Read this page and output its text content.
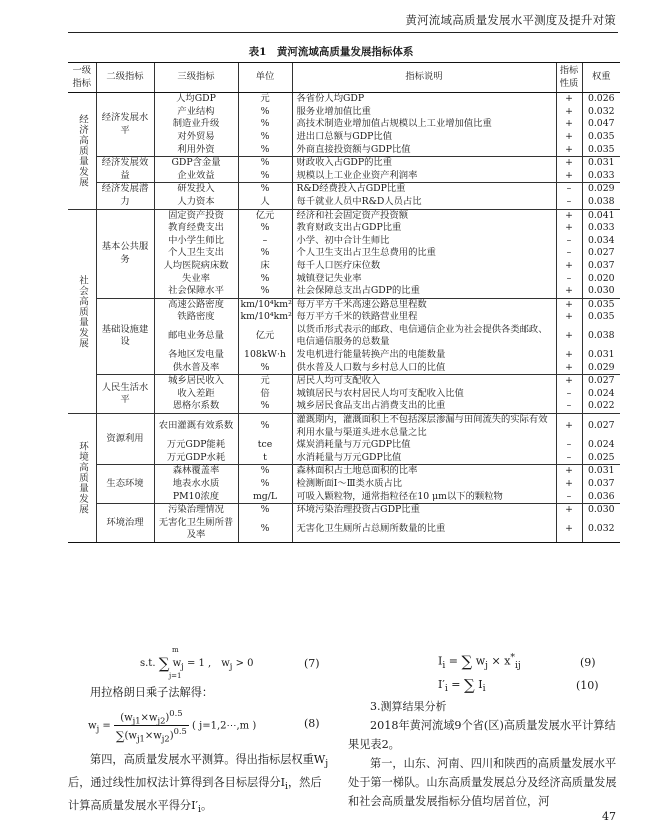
黄河流域高质量发展水平测度及提升对策
表1　黄河流域高质量发展指标体系
一级指标	二级指标	三级指标	单位	指标说明	指标性质	权重

经济高质量发展	经济发展水平	人均GDP	元	各省份人均GDP	+	0.026
		产业结构	%	服务业增加值比重	+	0.032
		制造业升级	%	高技术制造业增加值占规模以上工业增加值比重	+	0.047
		对外贸易	%	进出口总额与GDP比值	+	0.035
		利用外资	%	外商直接投资额与GDP比值	+	0.035
	经济发展效益	GDP含金量	%	财政收入占GDP的比重	+	0.031
		企业效益	%	规模以上工业企业资产利润率	+	0.033
	经济发展潜力	研发投入	%	R&D经费投入占GDP比重	–	0.029
		人力资本	人	每千就业人员中R&D人员占比	–	0.038

社会高质量发展	基本公共服务	固定资产投资	亿元	经济和社会固定资产投资额	+	0.041
		教育经费支出	%	教育财政支出占GDP比重	+	0.033
		中小学生师比	–	小学、初中合计生师比	–	0.034
		个人卫生支出	%	个人卫生支出占卫生总费用的比重	–	0.027
		人均医院病床数	床	每千人口医疗床位数	+	0.037
		失业率	%	城镇登记失业率	–	0.020
		社会保障水平	%	社会保障总支出占GDP的比重	+	0.030
	基础设施建设	高速公路密度	km/10⁴km²	每万平方千米高速公路总里程数	+	0.035
		铁路密度	km/10⁴km²	每万平方千米的铁路营业里程	+	0.035
		邮电业务总量	亿元	以货币形式表示的邮政、电信通信企业为社会提供各类邮政、电信通信服务的总数量	+	0.038
		各地区发电量	108kW·h	发电机进行能量转换产出的电能数量	+	0.031
		供水普及率	%	供水普及人口数与乡村总人口的比值	+	0.029
	人民生活水平	城乡居民收入	元	居民人均可支配收入	+	0.027
		收入差距	倍	城镇居民与农村居民人均可支配收入比值	–	0.024
		恩格尔系数	%	城乡居民食品支出占消费支出的比重	–	0.022

环境高质量发展	资源利用	农田灌溉有效系数	%	灌溉期内，灌溉面积上不包括深层渗漏与田间流失的实际有效利用水量与渠道头进水总量之比	+	0.027
		万元GDP能耗	tce	煤炭消耗量与万元GDP比值	–	0.024
		万元GDP水耗	t	水消耗量与万元GDP比值	–	0.025
	生态环境	森林覆盖率	%	森林面积占土地总面积的比率	+	0.031
		地表水水质	%	检测断面Ⅰ～Ⅲ类水质占比	+	0.037
		PM10浓度	mg/L	可吸入颗粒物，通常指粒径在10 μm以下的颗粒物	–	0.036
	环境治理	污染治理情况	%	环境污染治理投资占GDP比重	+	0.030
		无害化卫生厕所普及率	%	无害化卫生厕所占总厕所数量的比重	+	0.032
s.t. ∑ $w_j = 1$ ,　$w_j > 0$
m
j=1
(7)
用拉格朗日乘子法解得：
$w_j = \frac{(w_{j1}\times w_{j2})^{0.5}}{\sum(w_{j1}\times w_{j2})^{0.5}}$ ( j=1,2⋯,m )	(8)
第四，高质量发展水平测算。得出指标层权重$W_j$后，通过线性加权法计算得到各目标层得分$I_i$，然后计算高质量发展水平得分$I'_i$。
$I_i$ = ∑ $w_j \times x^*_{ij}$	(9)
$I'_i$ = ∑ $I_i$	(10)
3.测算结果分析
2018年黄河流域9个省(区)高质量发展水平计算结果见表2。
第一，山东、河南、四川和陕西的高质量发展水平处于第一梯队。山东高质量发展总分及经济高质量发展和社会高质量发展指标分值均居首位，河
47
